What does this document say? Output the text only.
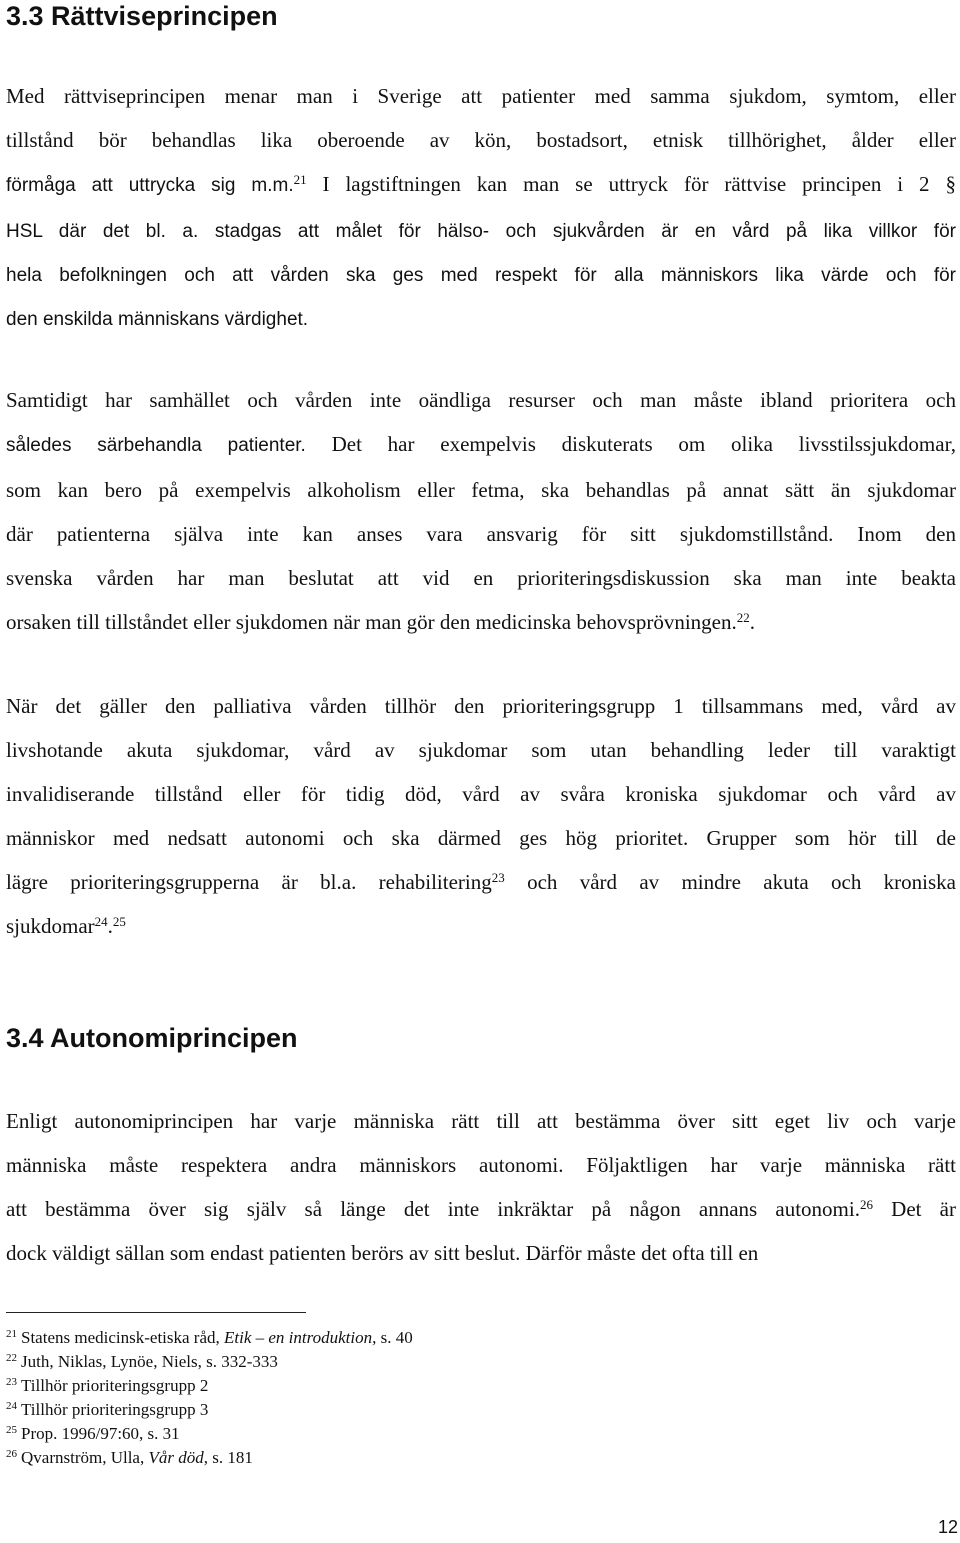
3.3 Rättviseprincipen

Med rättviseprincipen menar man i Sverige att patienter med samma sjukdom, symtom, eller

tillstånd bör behandlas lika oberoende av kön, bostadsort, etnisk tillhörighet, ålder eller

förmåga att uttrycka sig m.m.$^{21}$ I lagstiftningen kan man se uttryck för rättvise principen i 2 §

HSL där det bl. a. stadgas att målet för hälso- och sjukvården är en vård på lika villkor för

hela befolkningen och att vården ska ges med respekt för alla människors lika värde och för

den enskilda människans värdighet.

Samtidigt har samhället och vården inte oändliga resurser och man måste ibland prioritera och

således särbehandla patienter. Det har exempelvis diskuterats om olika livsstilssjukdomar,

som kan bero på exempelvis alkoholism eller fetma, ska behandlas på annat sätt än sjukdomar

där patienterna själva inte kan anses vara ansvarig för sitt sjukdomstillstånd. Inom den

svenska vården har man beslutat att vid en prioriteringsdiskussion ska man inte beakta

orsaken till tillståndet eller sjukdomen när man gör den medicinska behovsprövningen.$^{22}$.

När det gäller den palliativa vården tillhör den prioriteringsgrupp 1 tillsammans med, vård av

livshotande akuta sjukdomar, vård av sjukdomar som utan behandling leder till varaktigt

invalidiserande tillstånd eller för tidig död, vård av svåra kroniska sjukdomar och vård av

människor med nedsatt autonomi och ska därmed ges hög prioritet. Grupper som hör till de

lägre prioriteringsgrupperna är bl.a. rehabilitering$^{23}$ och vård av mindre akuta och kroniska

sjukdomar$^{24}$.$^{25}$

3.4 Autonomiprincipen

Enligt autonomiprincipen har varje människa rätt till att bestämma över sitt eget liv och varje

människa måste respektera andra människors autonomi. Följaktligen har varje människa rätt

att bestämma över sig själv så länge det inte inkräktar på någon annans autonomi.$^{26}$ Det är

dock väldigt sällan som endast patienten berörs av sitt beslut. Därför måste det ofta till en

$^{21}$ Statens medicinsk-etiska råd, Etik – en introduktion, s. 40

$^{22}$ Juth, Niklas, Lynöe, Niels, s. 332-333

$^{23}$ Tillhör prioriteringsgrupp 2

$^{24}$ Tillhör prioriteringsgrupp 3

$^{25}$ Prop. 1996/97:60, s. 31

$^{26}$ Qvarnström, Ulla, Vår död, s. 181

12
